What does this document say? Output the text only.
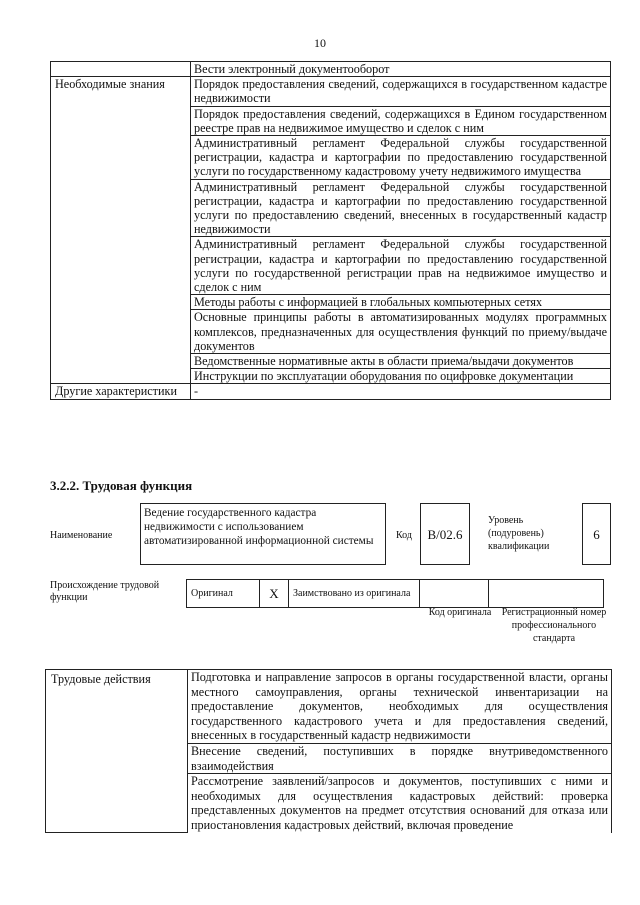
10
	Вести электронный документооборот
Необходимые знания	Порядок предоставления сведений, содержащихся в государственном кадастре недвижимости
	Порядок предоставления сведений, содержащихся в Едином государственном реестре прав на недвижимое имущество и сделок с ним
	Административный регламент Федеральной службы государственной регистрации, кадастра и картографии по предоставлению государственной услуги по государственному кадастровому учету недвижимого имущества
	Административный регламент Федеральной службы государственной регистрации, кадастра и картографии по предоставлению государственной услуги по предоставлению сведений, внесенных в государственный кадастр недвижимости
	Административный регламент Федеральной службы государственной регистрации, кадастра и картографии по предоставлению государственной услуги по государственной регистрации прав на недвижимое имущество и сделок с ним
	Методы работы с информацией в глобальных компьютерных сетях
	Основные принципы работы в автоматизированных модулях программных комплексов, предназначенных для осуществления функций по приему/выдаче документов
	Ведомственные нормативные акты в области приема/выдачи документов
	Инструкции по эксплуатации оборудования по оцифровке документации
Другие характеристики	-
3.2.2. Трудовая функция
Наименование
Ведение государственного кадастра недвижимости с использованием автоматизированной информационной системы	Код	В/02.6
Уровень (подуровень) квалификации
6
Происхождение трудовой функции	Оригинал	X	Заимствовано из оригинала		
Код оригинала	Регистрационный номер профессионального стандарта
Трудовые действия	Подготовка и направление запросов в органы государственной власти, органы местного самоуправления, органы технической инвентаризации на предоставление документов, необходимых для осуществления государственного кадастрового учета и для предоставления сведений, внесенных в государственный кадастр недвижимости
Внесение сведений, поступивших в порядке внутриведомственного взаимодействия
Рассмотрение заявлений/запросов и документов, поступивших с ними и необходимых для осуществления кадастровых действий: проверка представленных документов на предмет отсутствия оснований для отказа или приостановления кадастровых действий, включая проведение
